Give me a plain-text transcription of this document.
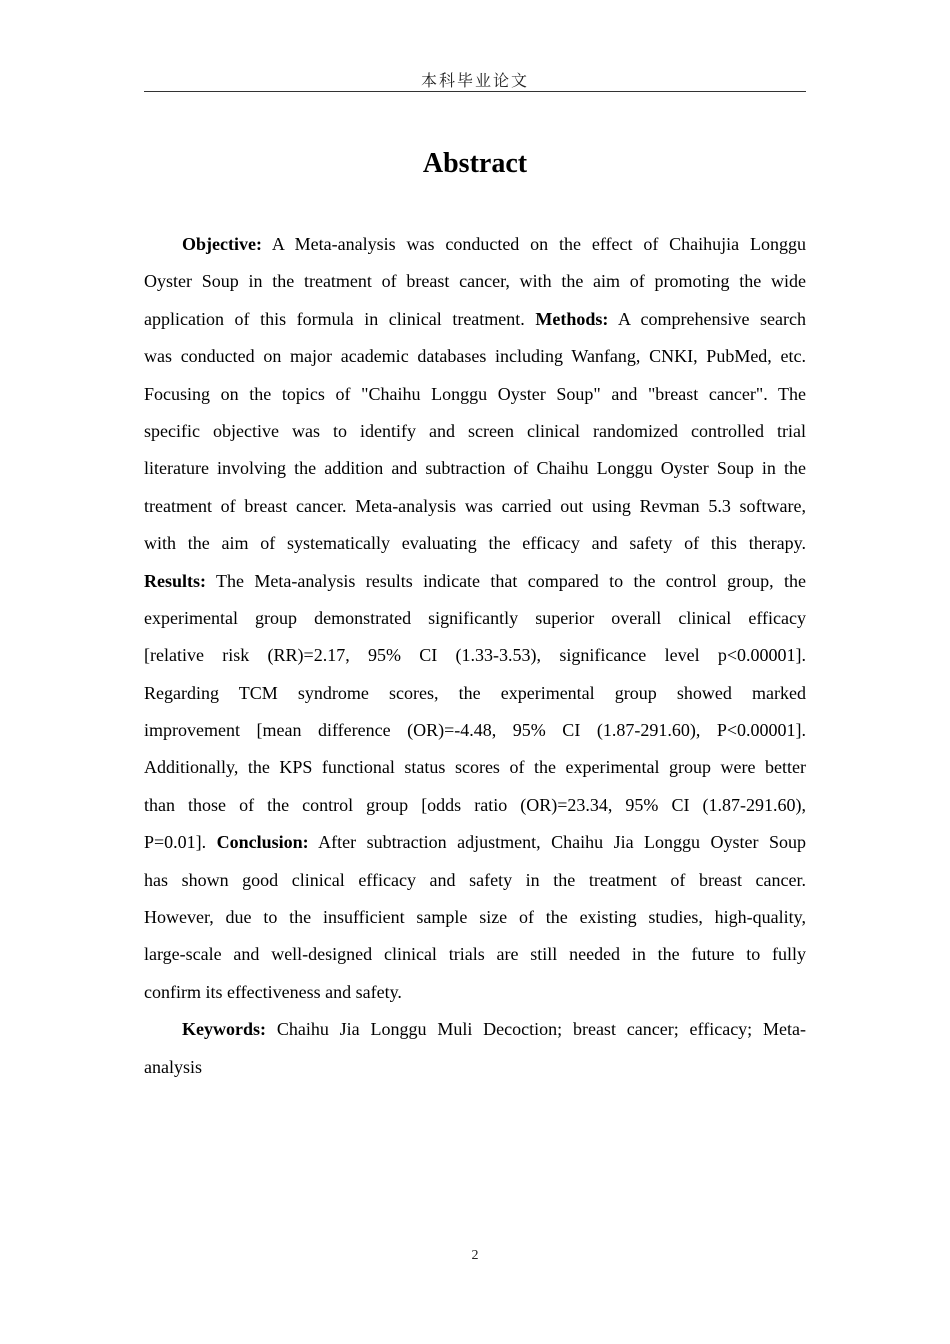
本科毕业论文
Abstract
Objective: A Meta-analysis was conducted on the effect of Chaihujia Longgu
Oyster Soup in the treatment of breast cancer, with the aim of promoting the wide
application of this formula in clinical treatment. Methods: A comprehensive search
was conducted on major academic databases including Wanfang, CNKI, PubMed, etc.
Focusing on the topics of "Chaihu Longgu Oyster Soup" and "breast cancer". The
specific objective was to identify and screen clinical randomized controlled trial
literature involving the addition and subtraction of Chaihu Longgu Oyster Soup in the
treatment of breast cancer. Meta-analysis was carried out using Revman 5.3 software,
with the aim of systematically evaluating the efficacy and safety of this therapy.
Results: The Meta-analysis results indicate that compared to the control group, the
experimental group demonstrated significantly superior overall clinical efficacy
[relative risk (RR)=2.17, 95% CI (1.33-3.53), significance level p<0.00001].
Regarding TCM syndrome scores, the experimental group showed marked
improvement [mean difference (OR)=-4.48, 95% CI (1.87-291.60), P<0.00001].
Additionally, the KPS functional status scores of the experimental group were better
than those of the control group [odds ratio (OR)=23.34, 95% CI (1.87-291.60),
P=0.01]. Conclusion: After subtraction adjustment, Chaihu Jia Longgu Oyster Soup
has shown good clinical efficacy and safety in the treatment of breast cancer.
However, due to the insufficient sample size of the existing studies, high-quality,
large-scale and well-designed clinical trials are still needed in the future to fully
confirm its effectiveness and safety.
Keywords: Chaihu Jia Longgu Muli Decoction; breast cancer; efficacy; Meta-
analysis
2
